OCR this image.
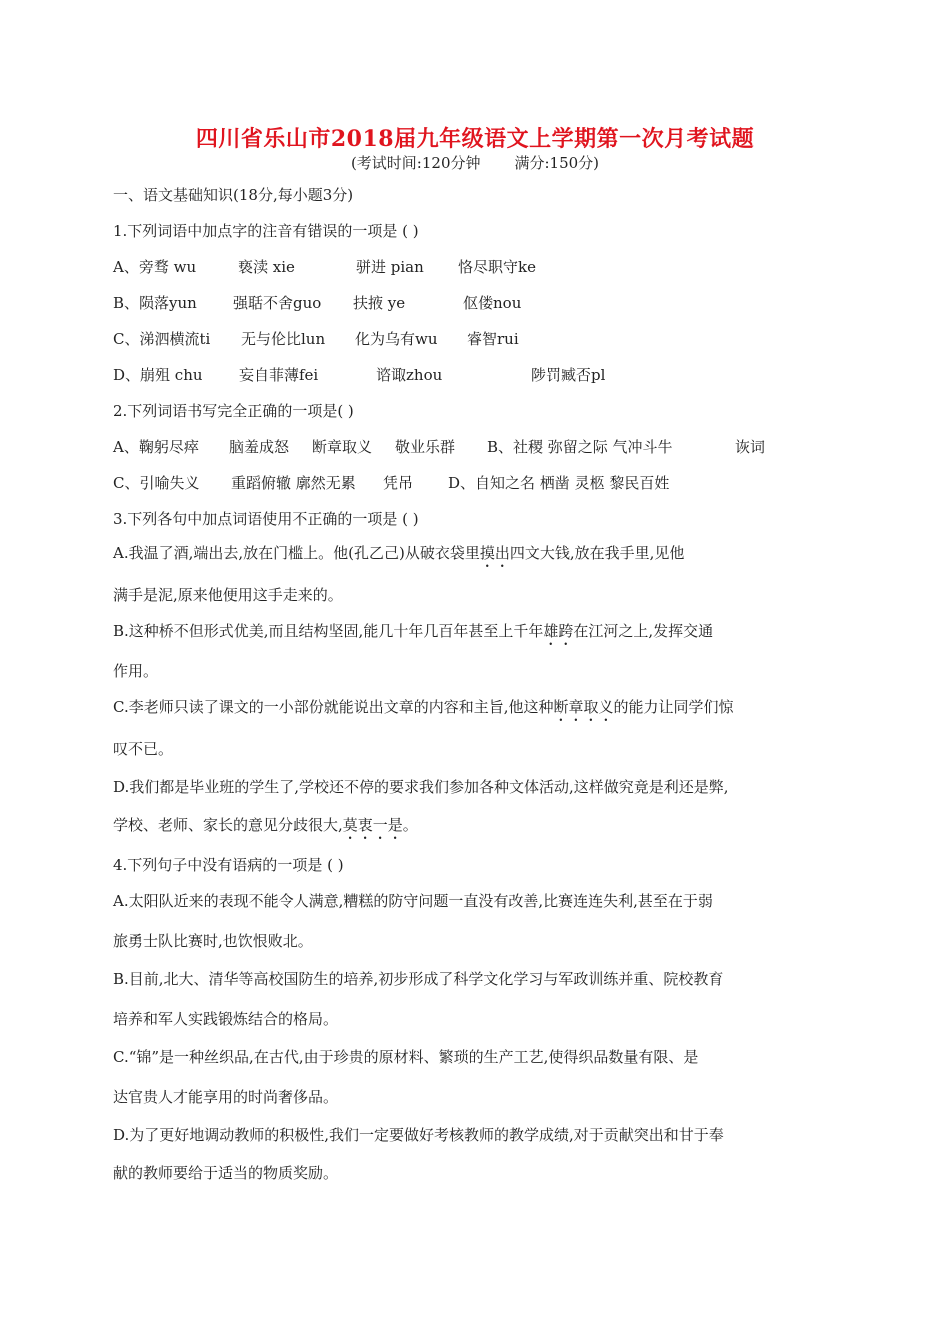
四川省乐山市2018届九年级语文上学期第一次月考试题
(考试时间:120分钟 满分:150分)
一、语文基础知识(18分,每小题3分)
1.下列词语中加点字的注音有错误的一项是 ( )
A、旁骛 wu	亵渎 xie	骈进 pian 恪尽职守ke
B、陨落yun 强聒不舍guo 扶掖 ye	伛偻nou
C、涕泗横流ti 无与伦比lun 化为乌有wu 睿智rui
D、崩殂 chu 妄自菲薄fei	谘诹zhou	陟罚臧否pl
2.下列词语书写完全正确的一项是( )
A、鞠躬尽瘁 脑羞成怒 断章取义 敬业乐群 B、社稷 弥留之际 气冲斗牛	诙词
C、引喻失义 重蹈俯辙 廓然无累 凭吊 D、自知之名 栖凿 灵柩 黎民百姓
3.下列各句中加点词语使用不正确的一项是 ( )
A.我温了酒,端出去,放在门槛上。他(孔乙己)从破衣袋里摸出四文大钱,放在我手里,见他
满手是泥,原来他便用这手走来的。
B.这种桥不但形式优美,而且结构坚固,能几十年几百年甚至上千年雄跨在江河之上,发挥交通
作用。
C.李老师只读了课文的一小部份就能说出文章的内容和主旨,他这种断章取义的能力让同学们惊
叹不已。
D.我们都是毕业班的学生了,学校还不停的要求我们参加各种文体活动,这样做究竟是利还是弊,
学校、老师、家长的意见分歧很大,莫衷一是。
4.下列句子中没有语病的一项是 ( )
A.太阳队近来的表现不能令人满意,糟糕的防守问题一直没有改善,比赛连连失利,甚至在于弱
旅勇士队比赛时,也饮恨败北。
B.目前,北大、清华等高校国防生的培养,初步形成了科学文化学习与军政训练并重、院校教育
培养和军人实践锻炼结合的格局。
C.“锦”是一种丝织品,在古代,由于珍贵的原材料、繁琐的生产工艺,使得织品数量有限、是
达官贵人才能享用的时尚奢侈品。
D.为了更好地调动教师的积极性,我们一定要做好考核教师的教学成绩,对于贡献突出和甘于奉
献的教师要给于适当的物质奖励。
